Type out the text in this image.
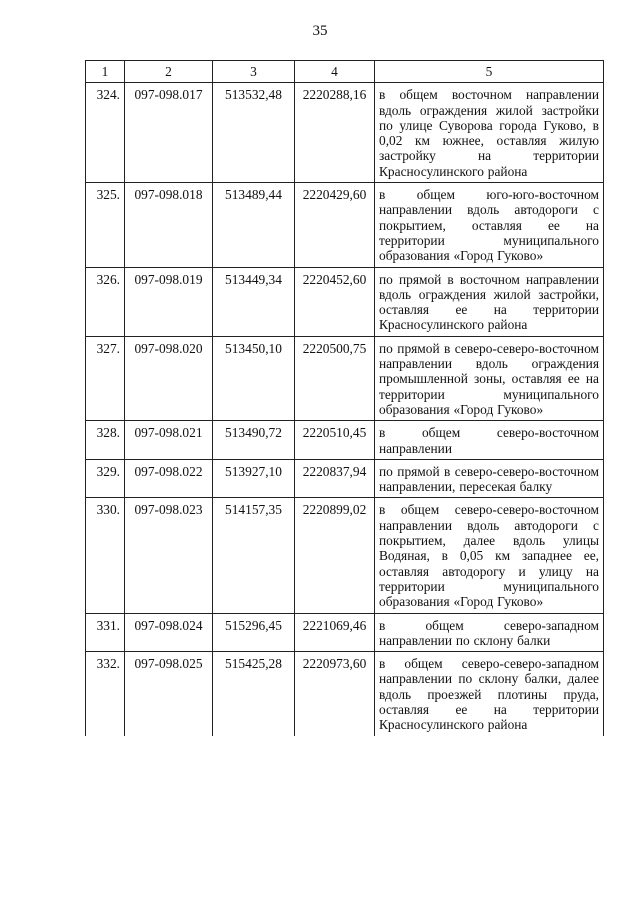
35
1	2	3	4	5
324.	097-098.017	513532,48	2220288,16	в общем восточном направлении вдоль ограждения жилой застройки по улице Суворова города Гуково, в 0,02 км южнее, оставляя жилую застройку на территории Красносулинского района
325.	097-098.018	513489,44	2220429,60	в общем юго-юго-восточном направлении вдоль автодороги с покрытием, оставляя ее на территории муниципального образования «Город Гуково»
326.	097-098.019	513449,34	2220452,60	по прямой в восточном направлении вдоль ограждения жилой застройки, оставляя ее на территории Красносулинского района
327.	097-098.020	513450,10	2220500,75	по прямой в северо-северо-восточном направлении вдоль ограждения промышленной зоны, оставляя ее на территории муниципального образования «Город Гуково»
328.	097-098.021	513490,72	2220510,45	в общем северо-восточном направлении
329.	097-098.022	513927,10	2220837,94	по прямой в северо-северо-восточном направлении, пересекая балку
330.	097-098.023	514157,35	2220899,02	в общем северо-северо-восточном направлении вдоль автодороги с покрытием, далее вдоль улицы Водяная, в 0,05 км западнее ее, оставляя автодорогу и улицу на территории муниципального образования «Город Гуково»
331.	097-098.024	515296,45	2221069,46	в общем северо-западном направлении по склону балки
332.	097-098.025	515425,28	2220973,60	в общем северо-северо-западном направлении по склону балки, далее вдоль проезжей плотины пруда, оставляя ее на территории Красносулинского района
